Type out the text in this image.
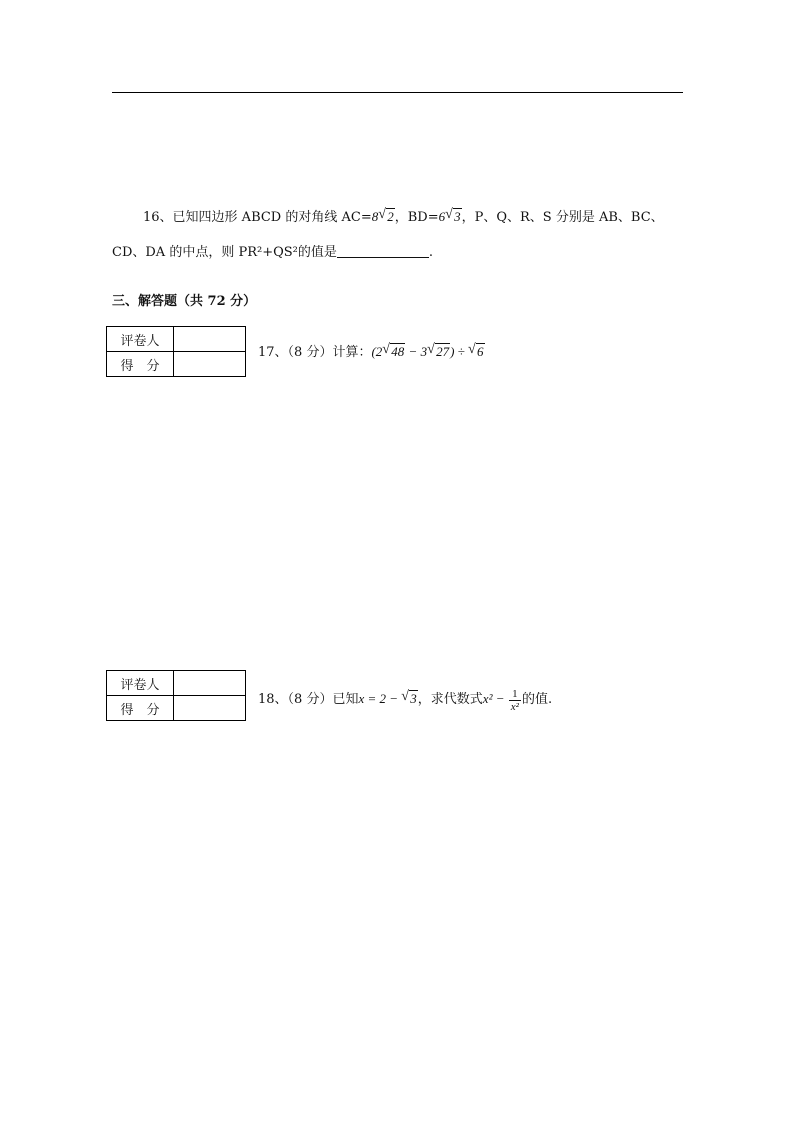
16、已知四边形 ABCD 的对角线 AC=8 √ 2，BD=6 √ 3，P、Q、R、S 分别是 AB、BC、
CD、DA 的中点，则 PR²+QS²的值是	.
三、解答题（共 72 分）
评卷人	
得　分	
17、（8 分）计算：(2 √ 48 − 3 √ 27) ÷ √ 6
评卷人	
得　分	
18、（8 分）已知x = 2 − √ 3，求代数式$x^2 - \frac{1}{\text{x²}}$ 的值.
